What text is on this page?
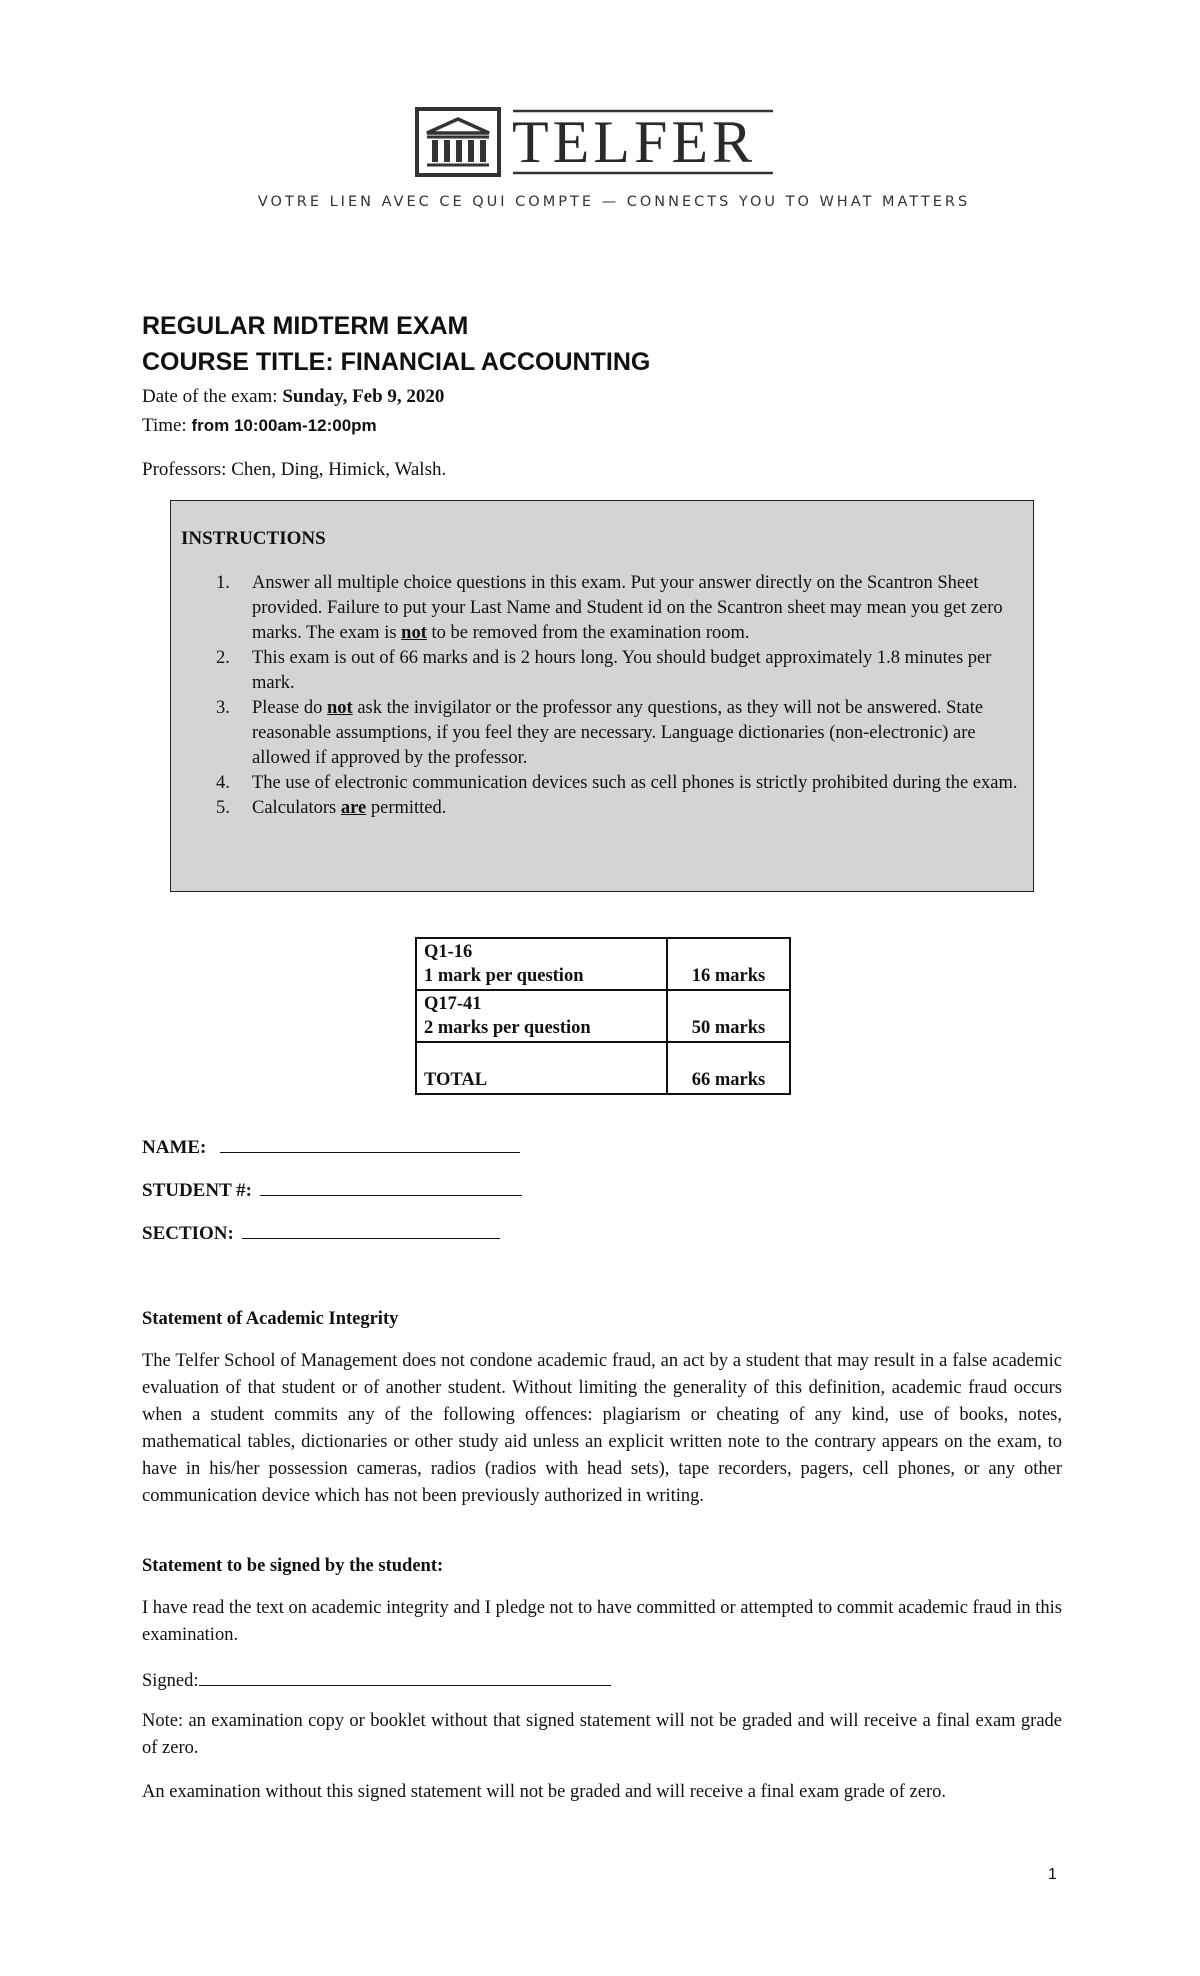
TELFER
VOTRE LIEN AVEC CE QUI COMPTE — CONNECTS YOU TO WHAT MATTERS
REGULAR MIDTERM EXAM
COURSE TITLE: FINANCIAL ACCOUNTING
Date of the exam: Sunday, Feb 9, 2020
Time: from 10:00am-12:00pm
Professors: Chen, Ding, Himick, Walsh.
INSTRUCTIONS
1. Answer all multiple choice questions in this exam. Put your answer directly on the Scantron Sheet provided. Failure to put your Last Name and Student id on the Scantron sheet may mean you get zero marks. The exam is not to be removed from the examination room.
2. This exam is out of 66 marks and is 2 hours long. You should budget approximately 1.8 minutes per mark.
3. Please do not ask the invigilator or the professor any questions, as they will not be answered. State reasonable assumptions, if you feel they are necessary. Language dictionaries (non-electronic) are allowed if approved by the professor.
4. The use of electronic communication devices such as cell phones is strictly prohibited during the exam.
5. Calculators are permitted.
Q1-16
1 mark per question	16 marks

Q17-41
2 marks per question	50 marks
TOTAL	66 marks
NAME:
STUDENT #:
SECTION:
Statement of Academic Integrity
The Telfer School of Management does not condone academic fraud, an act by a student that may result in a false academic evaluation of that student or of another student. Without limiting the generality of this definition, academic fraud occurs when a student commits any of the following offences: plagiarism or cheating of any kind, use of books, notes, mathematical tables, dictionaries or other study aid unless an explicit written note to the contrary appears on the exam, to have in his/her possession cameras, radios (radios with head sets), tape recorders, pagers, cell phones, or any other communication device which has not been previously authorized in writing.
Statement to be signed by the student:
I have read the text on academic integrity and I pledge not to have committed or attempted to commit academic fraud in this examination.
Signed:
Note: an examination copy or booklet without that signed statement will not be graded and will receive a final exam grade of zero.
An examination without this signed statement will not be graded and will receive a final exam grade of zero.
1
